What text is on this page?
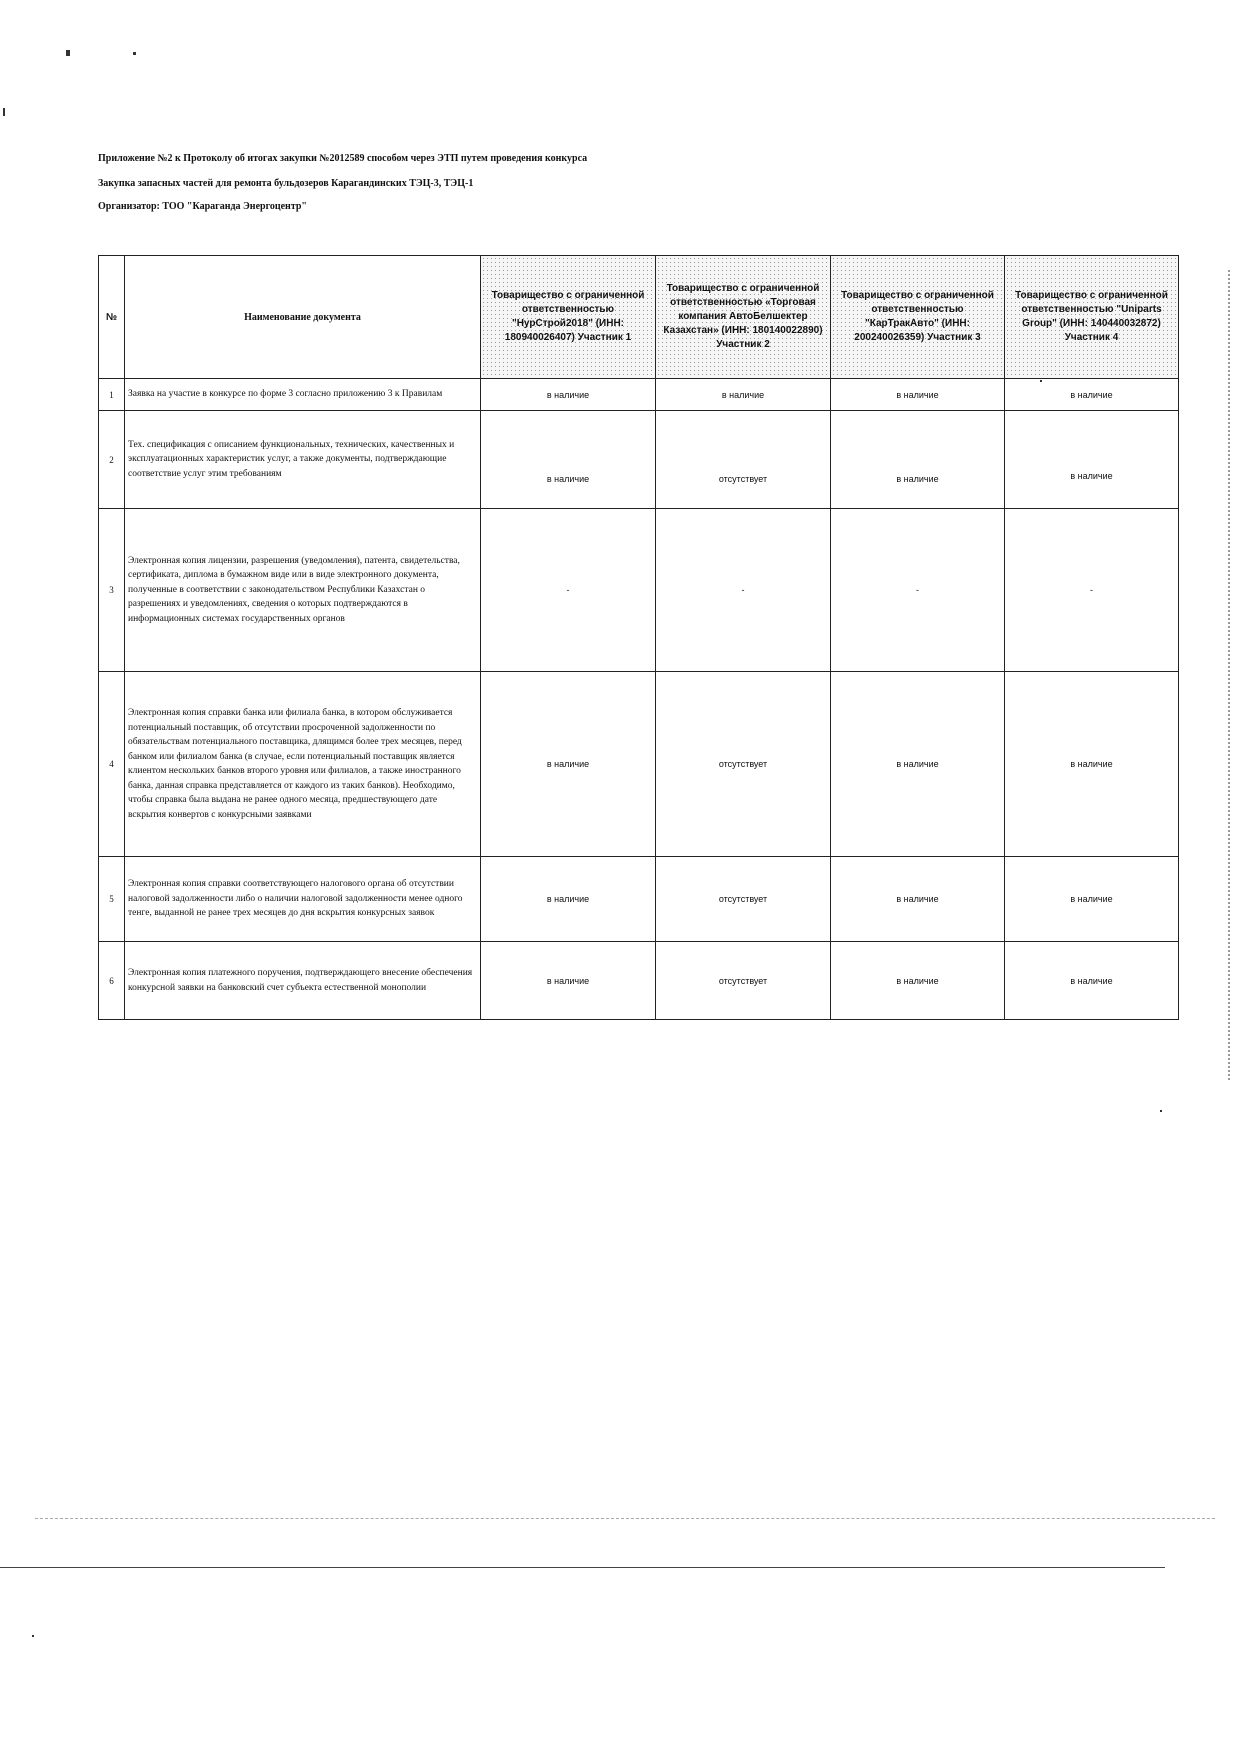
Приложение №2 к Протоколу об итогах закупки №2012589 способом через ЭТП путем проведения конкурса
Закупка запасных частей для ремонта бульдозеров Карагандинских ТЭЦ-3, ТЭЦ-1
Организатор: ТОО "Караганда Энергоцентр"
№	Наименование документа	Товарищество с ограниченной ответственностью "НурСтрой2018" (ИНН: 180940026407) Участник 1	Товарищество с ограниченной ответственностью «Торговая компания АвтоБелшектер Казахстан» (ИНН: 180140022890) Участник 2	Товарищество с ограниченной ответственностью "КарТракАвто" (ИНН: 200240026359) Участник 3	Товарищество с ограниченной ответственностью "Uniparts Group" (ИНН: 140440032872) Участник 4
1	Заявка на участие в конкурсе по форме 3 согласно приложению 3 к Правилам	в наличие	в наличие	в наличие	в наличие
2	Тех. спецификация с описанием функциональных, технических, качественных и эксплуатационных характеристик услуг, а также документы, подтверждающие соответствие услуг этим требованиям	в наличие	отсутствует	в наличие	в наличие
3	Электронная копия лицензии, разрешения (уведомления), патента, свидетельства, сертификата, диплома в бумажном виде или в виде электронного документа, полученные в соответствии с законодательством Республики Казахстан о разрешениях и уведомлениях, сведения о которых подтверждаются в информационных системах государственных органов	-	-	-	-
4	Электронная копия справки банка или филиала банка, в котором обслуживается потенциальный поставщик, об отсутствии просроченной задолженности по обязательствам потенциального поставщика, длящимся более трех месяцев, перед банком или филиалом банка (в случае, если потенциальный поставщик является клиентом нескольких банков второго уровня или филиалов, а также иностранного банка, данная справка представляется от каждого из таких банков). Необходимо, чтобы справка была выдана не ранее одного месяца, предшествующего дате вскрытия конвертов с конкурсными заявками	в наличие	отсутствует	в наличие	в наличие
5	Электронная копия справки соответствующего налогового органа об отсутствии налоговой задолженности либо о наличии налоговой задолженности менее одного тенге, выданной не ранее трех месяцев до дня вскрытия конкурсных заявок	в наличие	отсутствует	в наличие	в наличие
6	Электронная копия платежного поручения, подтверждающего внесение обеспечения конкурсной заявки на банковский счет субъекта естественной монополии	в наличие	отсутствует	в наличие	в наличие
